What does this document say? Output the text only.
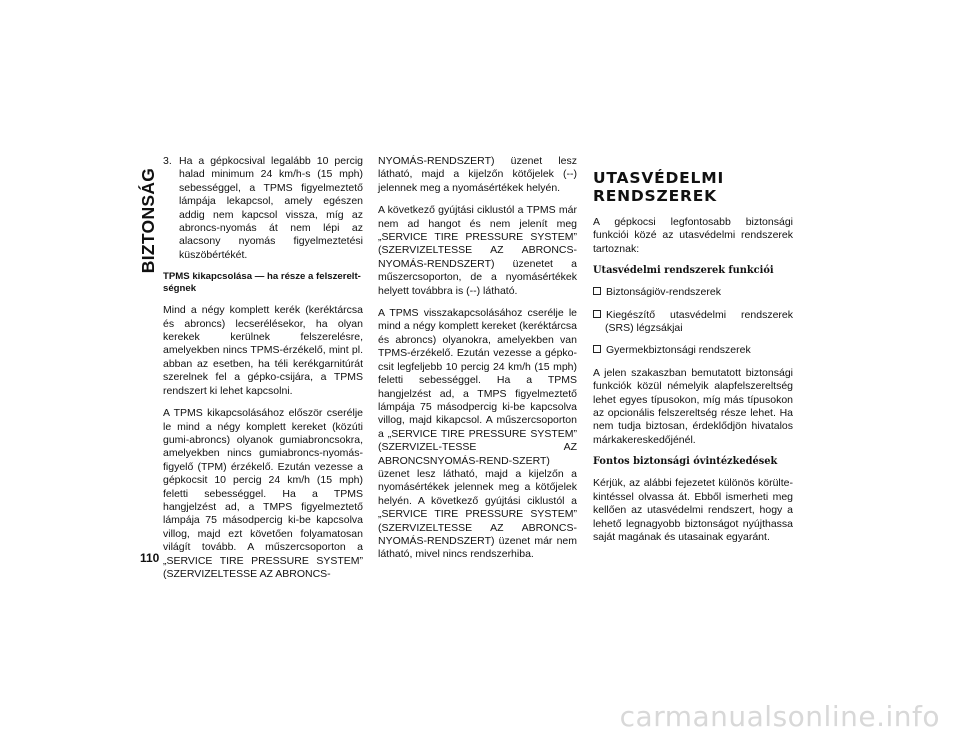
BIZTONSÁG
110

3. Ha a gépkocsival legalább 10 percig halad minimum 24 km/h-s (15 mph) sebességgel, a TPMS figyelmeztető lámpája lekapcsol, amely egészen addig nem kapcsol vissza, míg az abroncs-nyomás át nem lépi az alacsony nyomás figyelmeztetési küszöbértékét.

TPMS kikapcsolása — ha része a felszerelt-ségnek

Mind a négy komplett kerék (keréktárcsa és abroncs) lecserélésekor, ha olyan kerekek kerülnek felszerelésre, amelyekben nincs TPMS-érzékelő, mint pl. abban az esetben, ha téli kerékgarnitúrát szerelnek fel a gépko-csijára, a TPMS rendszert ki lehet kapcsolni.

A TPMS kikapcsolásához először cserélje le mind a négy komplett kereket (közúti gumi-abroncs) olyanok gumiabroncsokra, amelyekben nincs gumiabroncs-nyomás-figyelő (TPM) érzékelő. Ezután vezesse a gépkocsit 10 percig 24 km/h (15 mph) feletti sebességgel. Ha a TPMS hangjelzést ad, a TMPS figyelmeztető lámpája 75 másodpercig ki-be kapcsolva villog, majd ezt követően folyamatosan világít tovább. A műszercsoporton a „SERVICE TIRE PRESSURE SYSTEM” (SZERVIZELTESSE AZ ABRONCS-

NYOMÁS-RENDSZERT) üzenet lesz látható, majd a kijelzőn kötőjelek (--) jelennek meg a nyomásértékek helyén.

A következő gyújtási ciklustól a TPMS már nem ad hangot és nem jelenít meg „SERVICE TIRE PRESSURE SYSTEM” (SZERVIZELTESSE AZ ABRONCS-NYOMÁS-RENDSZERT) üzenetet a műszercsoporton, de a nyomásértékek helyett továbbra is (--) látható.

A TPMS visszakapcsolásához cserélje le mind a négy komplett kereket (keréktárcsa és abroncs) olyanokra, amelyekben van TPMS-érzékelő. Ezután vezesse a gépko-csit legfeljebb 10 percig 24 km/h (15 mph) feletti sebességgel. Ha a TPMS hangjelzést ad, a TMPS figyelmeztető lámpája 75 másodpercig ki-be kapcsolva villog, majd kikapcsol. A műszercsoporton a „SERVICE TIRE PRESSURE SYSTEM” (SZERVIZEL-TESSE AZ ABRONCSNYOMÁS-REND-SZERT) üzenet lesz látható, majd a kijelzőn a nyomásértékek jelennek meg a kötőjelek helyén. A következő gyújtási ciklustól a „SERVICE TIRE PRESSURE SYSTEM” (SZERVIZELTESSE AZ ABRONCS-NYOMÁS-RENDSZERT) üzenet már nem látható, mivel nincs rendszerhiba.

UTASVÉDELMI RENDSZEREK

A gépkocsi legfontosabb biztonsági funkciói közé az utasvédelmi rendszerek tartoznak:

Utasvédelmi rendszerek funkciói

Biztonságiöv-rendszerek

Kiegészítő utasvédelmi rendszerek (SRS) légzsákjai

Gyermekbiztonsági rendszerek

A jelen szakaszban bemutatott biztonsági funkciók közül némelyik alapfelszereltség lehet egyes típusokon, míg más típusokon az opcionális felszereltség része lehet. Ha nem tudja biztosan, érdeklődjön hivatalos márkakereskedőjénél.

Fontos biztonsági óvintézkedések

Kérjük, az alábbi fejezetet különös körülte-kintéssel olvassa át. Ebből ismerheti meg kellően az utasvédelmi rendszert, hogy a lehető legnagyobb biztonságot nyújthassa saját magának és utasainak egyaránt.

carmanualsonline.info
